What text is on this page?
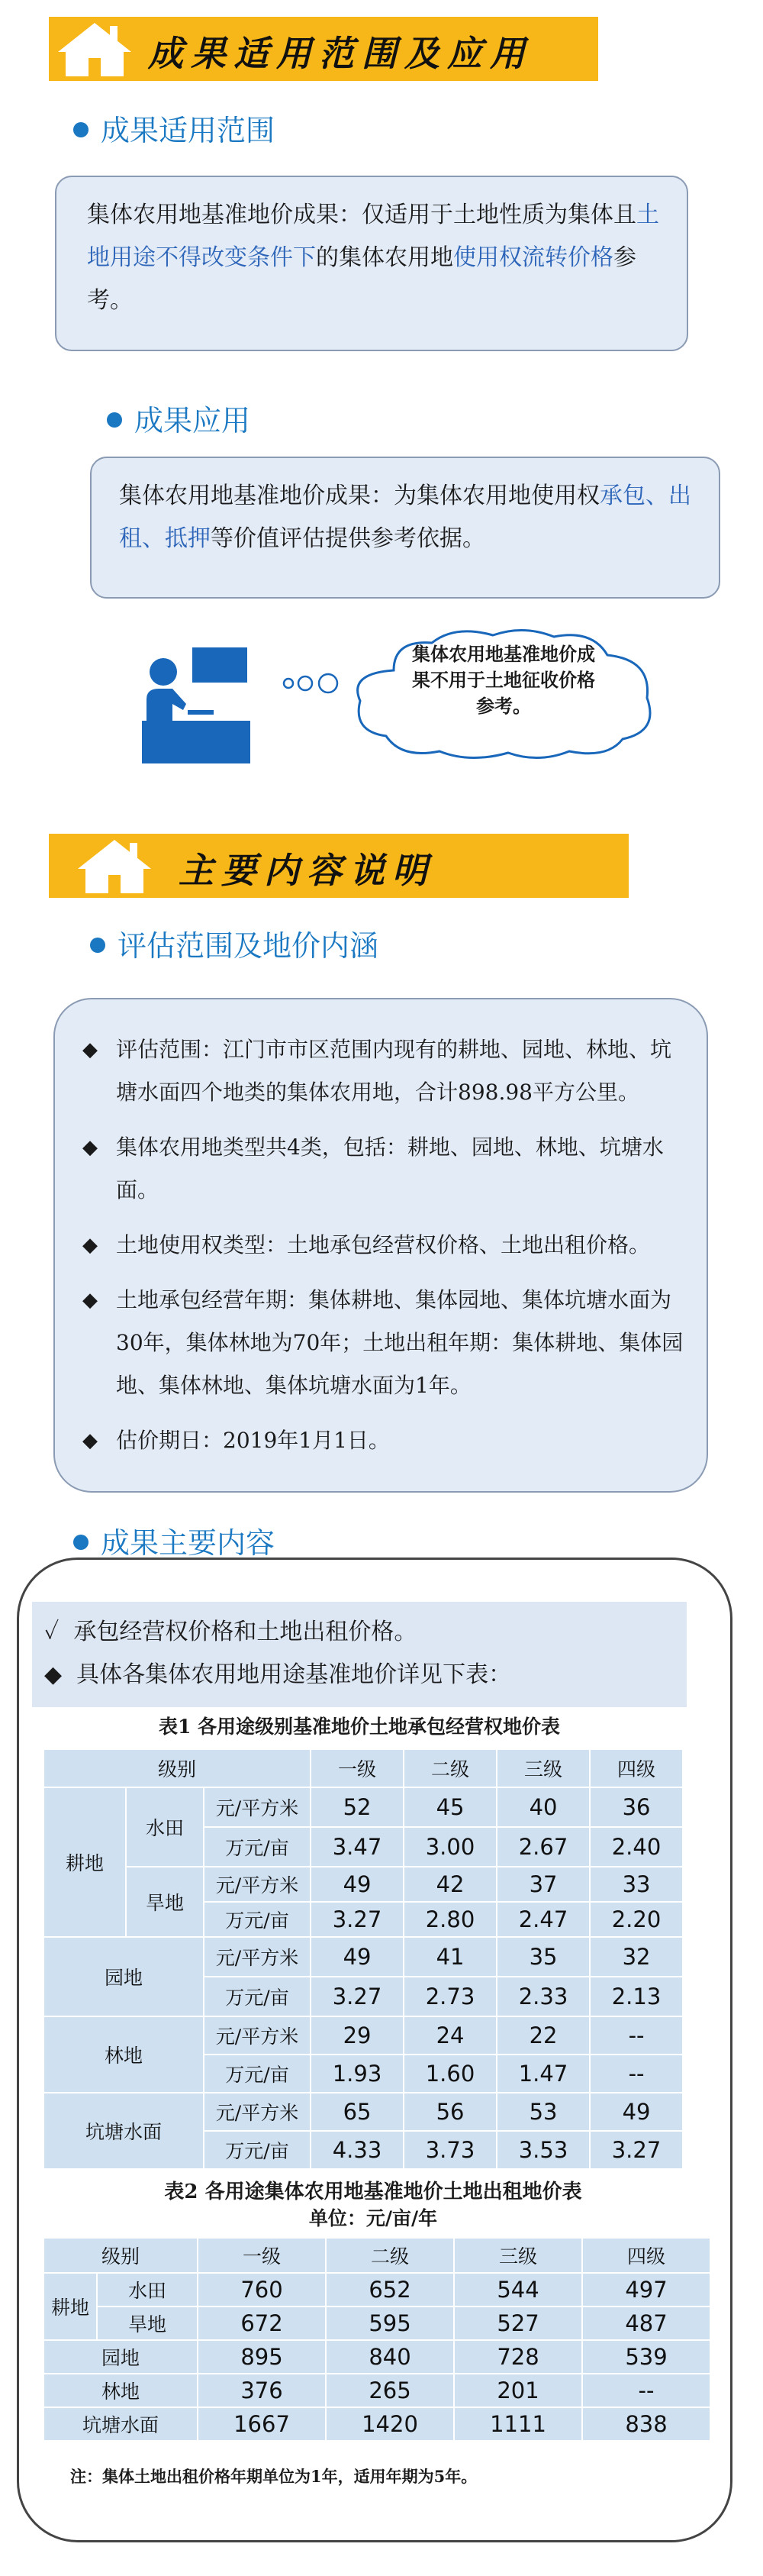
成果适用范围及应用
成果适用范围
集体农用地基准地价成果：仅适用于土地性质为集体且土地用途不得改变条件下的集体农用地使用权流转价格参考。
成果应用
集体农用地基准地价成果：为集体农用地使用权承包、出租、抵押等价值评估提供参考依据。
集体农用地基准地价成果不用于土地征收价格参考。
主要内容说明
评估范围及地价内涵
◆ 评估范围：江门市市区范围内现有的耕地、园地、林地、坑塘水面四个地类的集体农用地，合计898.98平方公里。
◆ 集体农用地类型共4类，包括：耕地、园地、林地、坑塘水面。
◆ 土地使用权类型：土地承包经营权价格、土地出租价格。
◆ 土地承包经营年期：集体耕地、集体园地、集体坑塘水面为30年，集体林地为70年；土地出租年期：集体耕地、集体园地、集体林地、集体坑塘水面为1年。
◆ 估价期日：2019年1月1日。
成果主要内容
✓ 承包经营权价格和土地出租价格。
◆ 具体各集体农用地用途基准地价详见下表：
表1 各用途级别基准地价土地承包经营权地价表
级别			一级	二级	三级	四级
耕地	水田	元/平方米	52	45	40	36
		万元/亩	3.47	3.00	2.67	2.40
	旱地	元/平方米	49	42	37	33
		万元/亩	3.27	2.80	2.47	2.20
园地		元/平方米	49	41	35	32
		万元/亩	3.27	2.73	2.33	2.13
林地		元/平方米	29	24	22	--
		万元/亩	1.93	1.60	1.47	--
坑塘水面		元/平方米	65	56	53	49
		万元/亩	4.33	3.73	3.53	3.27
表2 各用途集体农用地基准地价土地出租地价表
单位：元/亩/年
级别		一级	二级	三级	四级
耕地	水田	760	652	544	497
	旱地	672	595	527	487
园地		895	840	728	539
林地		376	265	201	--
坑塘水面		1667	1420	1111	838
注：集体土地出租价格年期单位为1年，适用年期为5年。
